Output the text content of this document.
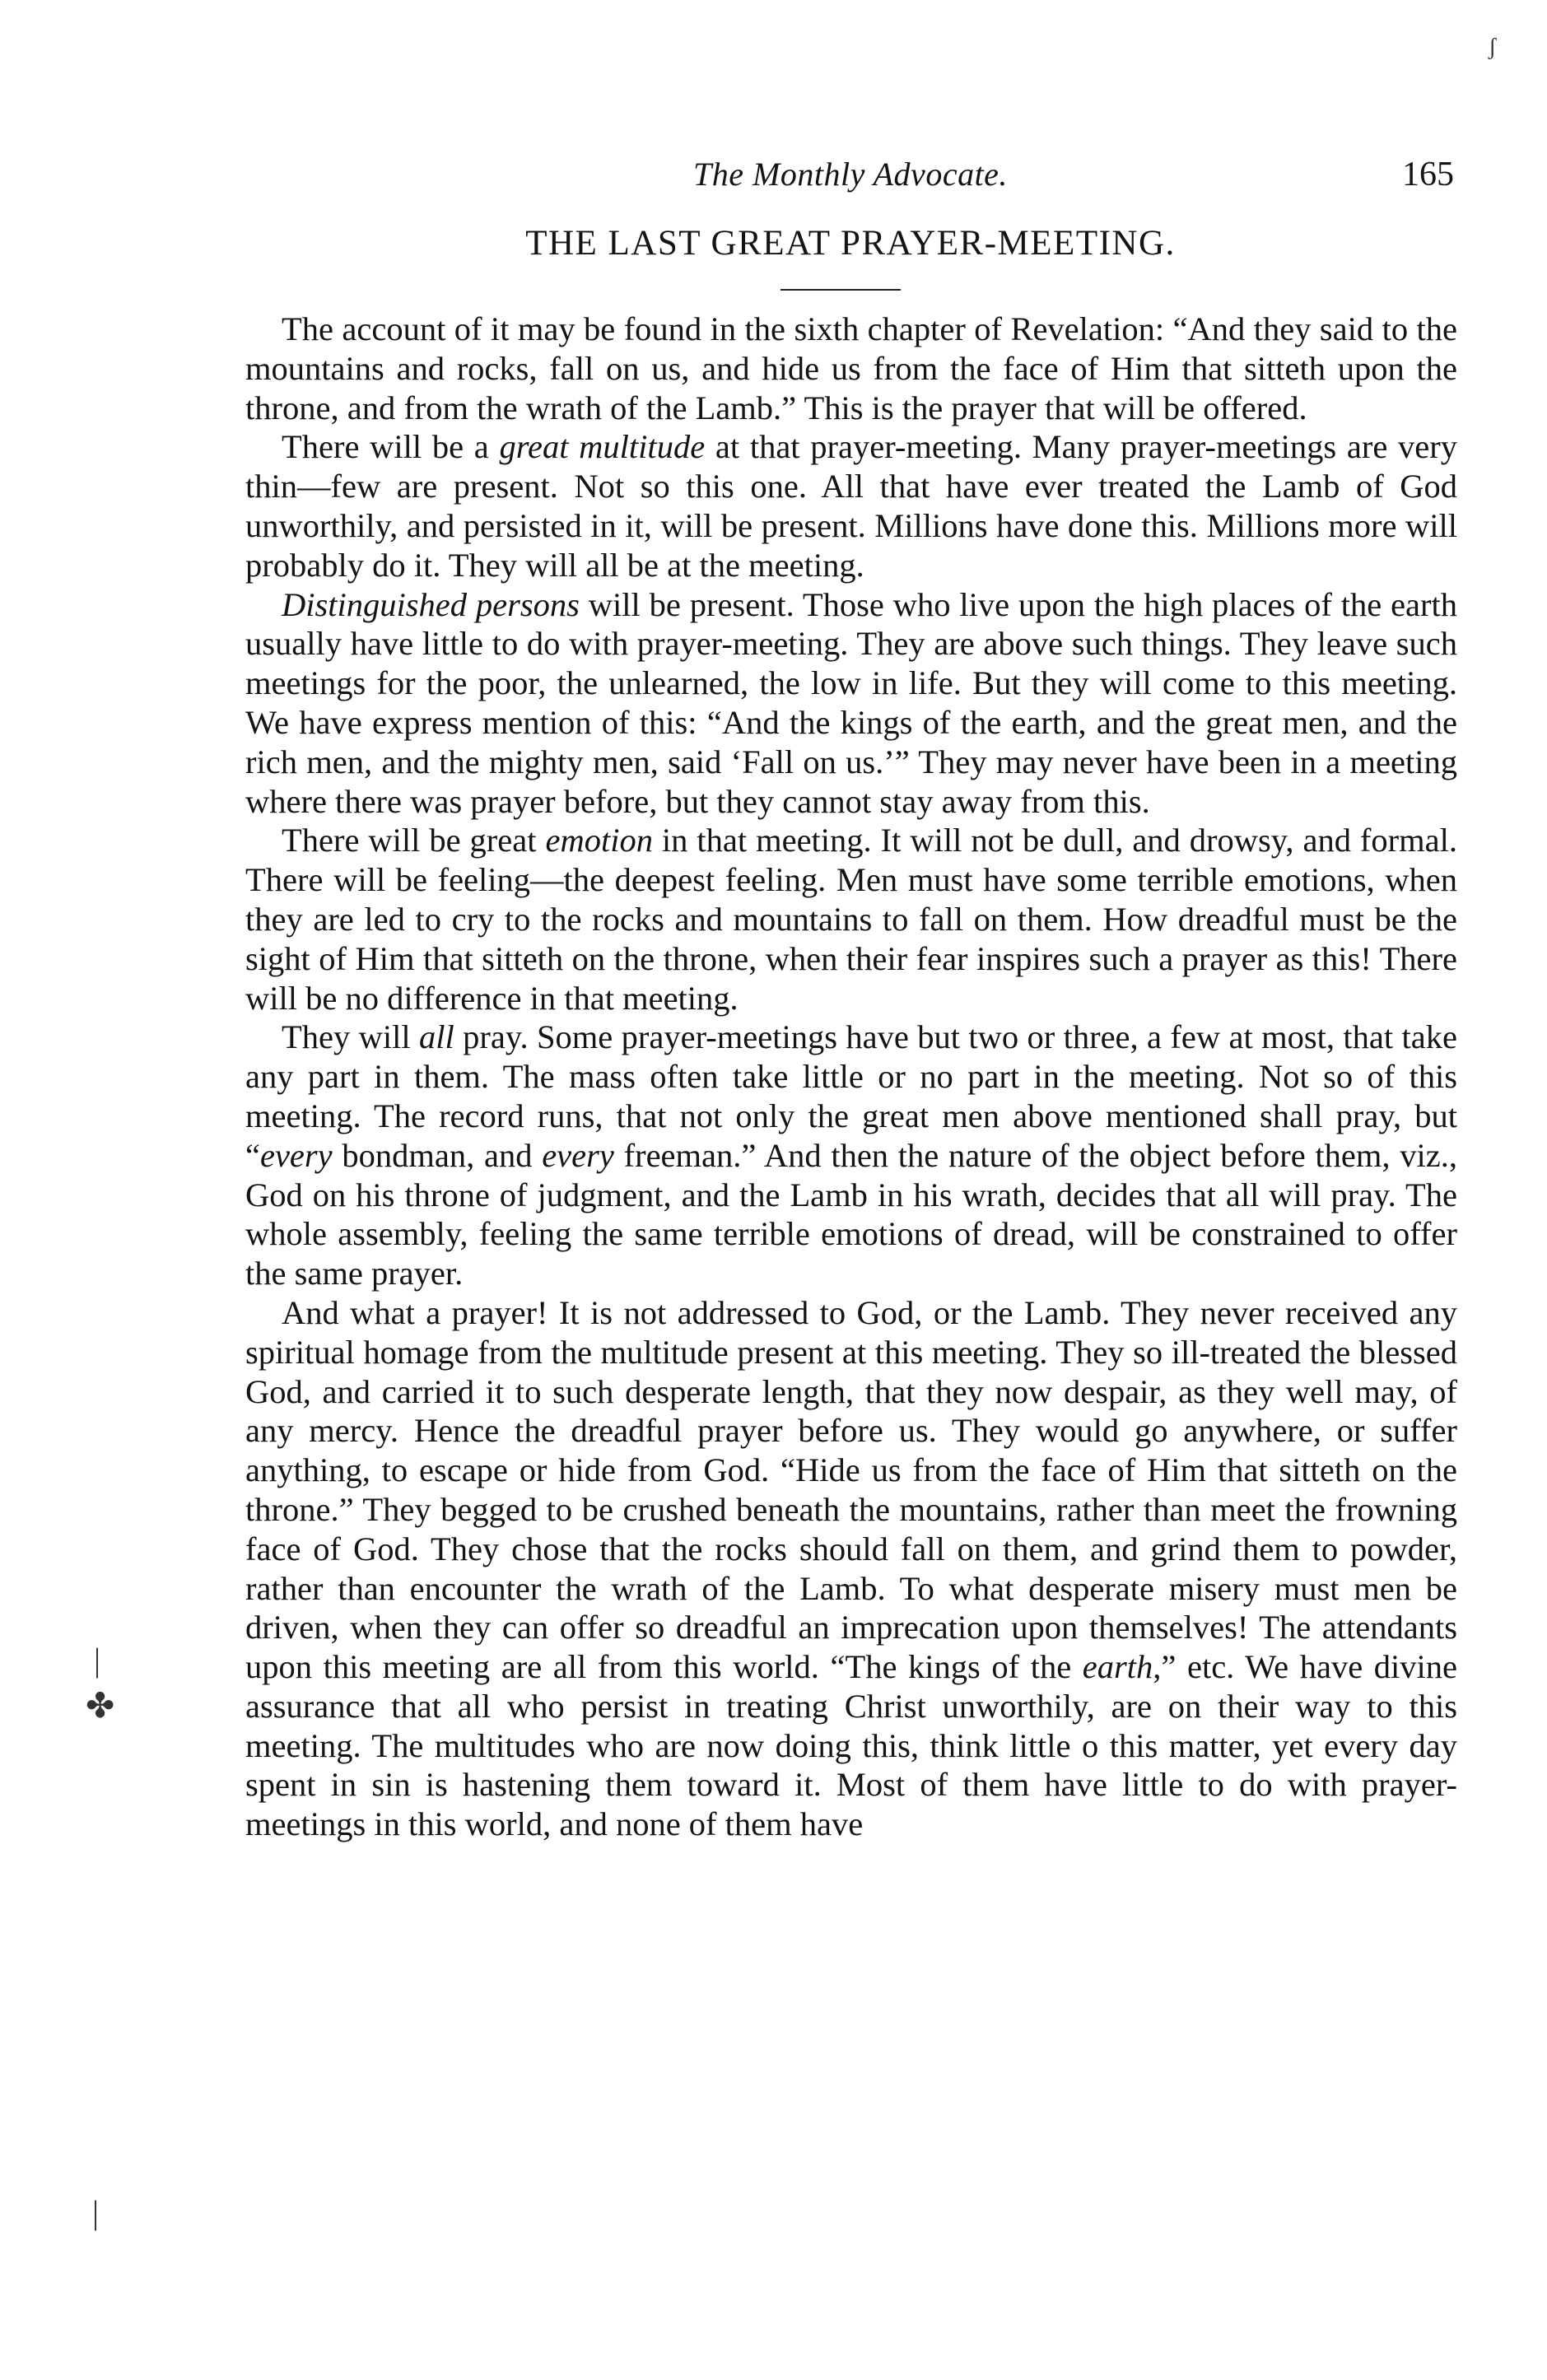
The Monthly Advocate.	165
THE LAST GREAT PRAYER-MEETING.

The account of it may be found in the sixth chapter of Revelation: “And they said to the mountains and rocks, fall on us, and hide us from the face of Him that sitteth upon the throne, and from the wrath of the Lamb.” This is the prayer that will be offered.

There will be a great multitude at that prayer-meeting. Many prayer-meetings are very thin—few are present. Not so this one. All that have ever treated the Lamb of God unworthily, and persisted in it, will be present. Millions have done this. Millions more will probably do it. They will all be at the meeting.

Distinguished persons will be present. Those who live upon the high places of the earth usually have little to do with prayer-meeting. They are above such things. They leave such meetings for the poor, the unlearned, the low in life. But they will come to this meeting. We have express mention of this: “And the kings of the earth, and the great men, and the rich men, and the mighty men, said ‘Fall on us.’” They may never have been in a meeting where there was prayer before, but they cannot stay away from this.

There will be great emotion in that meeting. It will not be dull, and drowsy, and formal. There will be feeling—the deepest feeling. Men must have some terrible emotions, when they are led to cry to the rocks and mountains to fall on them. How dreadful must be the sight of Him that sitteth on the throne, when their fear inspires such a prayer as this! There will be no difference in that meeting.

They will all pray. Some prayer-meetings have but two or three, a few at most, that take any part in them. The mass often take little or no part in the meeting. Not so of this meeting. The record runs, that not only the great men above mentioned shall pray, but “every bondman, and every freeman.” And then the nature of the object before them, viz., God on his throne of judgment, and the Lamb in his wrath, decides that all will pray. The whole assembly, feeling the same terrible emotions of dread, will be constrained to offer the same prayer.

And what a prayer! It is not addressed to God, or the Lamb. They never received any spiritual homage from the multitude present at this meeting. They so ill-treated the blessed God, and carried it to such desperate length, that they now despair, as they well may, of any mercy. Hence the dreadful prayer before us. They would go anywhere, or suffer anything, to escape or hide from God. “Hide us from the face of Him that sitteth on the throne.” They begged to be crushed beneath the mountains, rather than meet the frowning face of God. They chose that the rocks should fall on them, and grind them to powder, rather than encounter the wrath of the Lamb. To what desperate misery must men be driven, when they can offer so dreadful an imprecation upon themselves! The attendants upon this meeting are all from this world. “The kings of the earth,” etc. We have divine assurance that all who persist in treating Christ unworthily, are on their way to this meeting. The multitudes who are now doing this, think little o this matter, yet every day spent in sin is hastening them toward it. Most of them have little to do with prayer-meetings in this world, and none of them have

ʃ
|
✤
|
